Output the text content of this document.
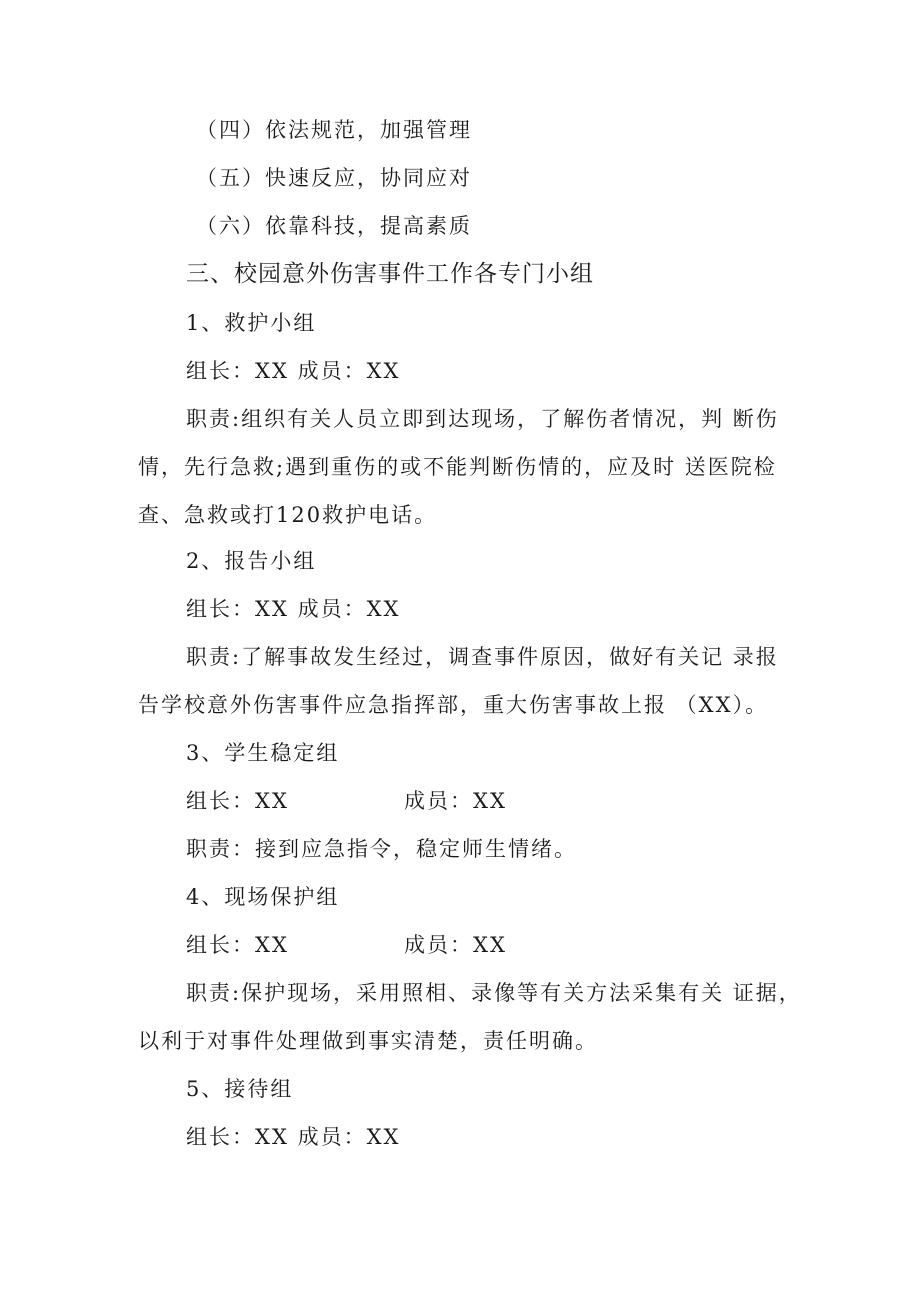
（四）依法规范，加强管理
（五）快速反应，协同应对
（六）依靠科技，提高素质
三、校园意外伤害事件工作各专门小组
1、救护小组
组长：XX 成员：XX
职责:组织有关人员立即到达现场，了解伤者情况，判 断伤
情，先行急救;遇到重伤的或不能判断伤情的，应及时 送医院检
查、急救或打120救护电话。
2、报告小组
组长：XX 成员：XX
职责:了解事故发生经过，调查事件原因，做好有关记 录报
告学校意外伤害事件应急指挥部，重大伤害事故上报 （XX）。
3、学生稳定组
组长：XX	成员：XX
职责：接到应急指令，稳定师生情绪。
4、现场保护组
组长：XX	成员：XX
职责:保护现场，采用照相、录像等有关方法采集有关 证据，
以利于对事件处理做到事实清楚，责任明确。
5、接待组
组长：XX 成员：XX
